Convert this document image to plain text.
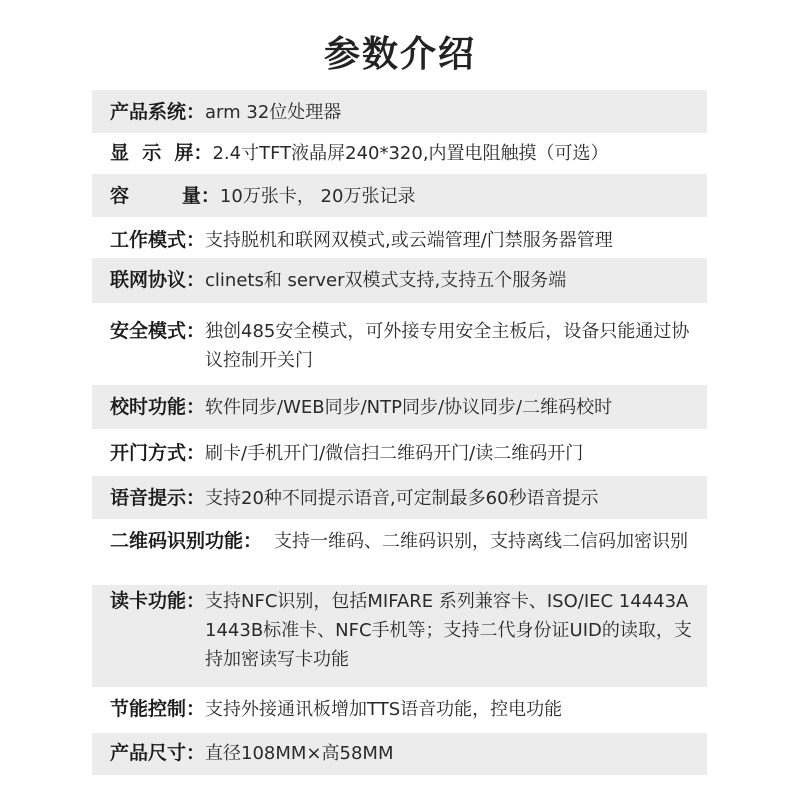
参数介绍
产品系统： arm 32位处理器
显  示  屏： 2.4寸TFT液晶屏240*320,内置电阻触摸（可选）
容        量： 10万张卡， 20万张记录
工作模式： 支持脱机和联网双模式,或云端管理/门禁服务器管理
联网协议： clinets和 server双模式支持,支持五个服务端
安全模式： 独创485安全模式，可外接专用安全主板后，设备只能通过协议控制开关门
校时功能： 软件同步/WEB同步/NTP同步/协议同步/二维码校时
开门方式： 刷卡/手机开门/微信扫二维码开门/读二维码开门
语音提示： 支持20种不同提示语音,可定制最多60秒语音提示
二维码识别功能： 支持一维码、二维码识别，支持离线二信码加密识别
读卡功能： 支持NFC识别，包括MIFARE 系列兼容卡、ISO/IEC 14443A 1443B标准卡、NFC手机等；支持二代身份证UID的读取，支持加密读写卡功能
节能控制： 支持外接通讯板增加TTS语音功能，控电功能
产品尺寸： 直径108MM×高58MM
